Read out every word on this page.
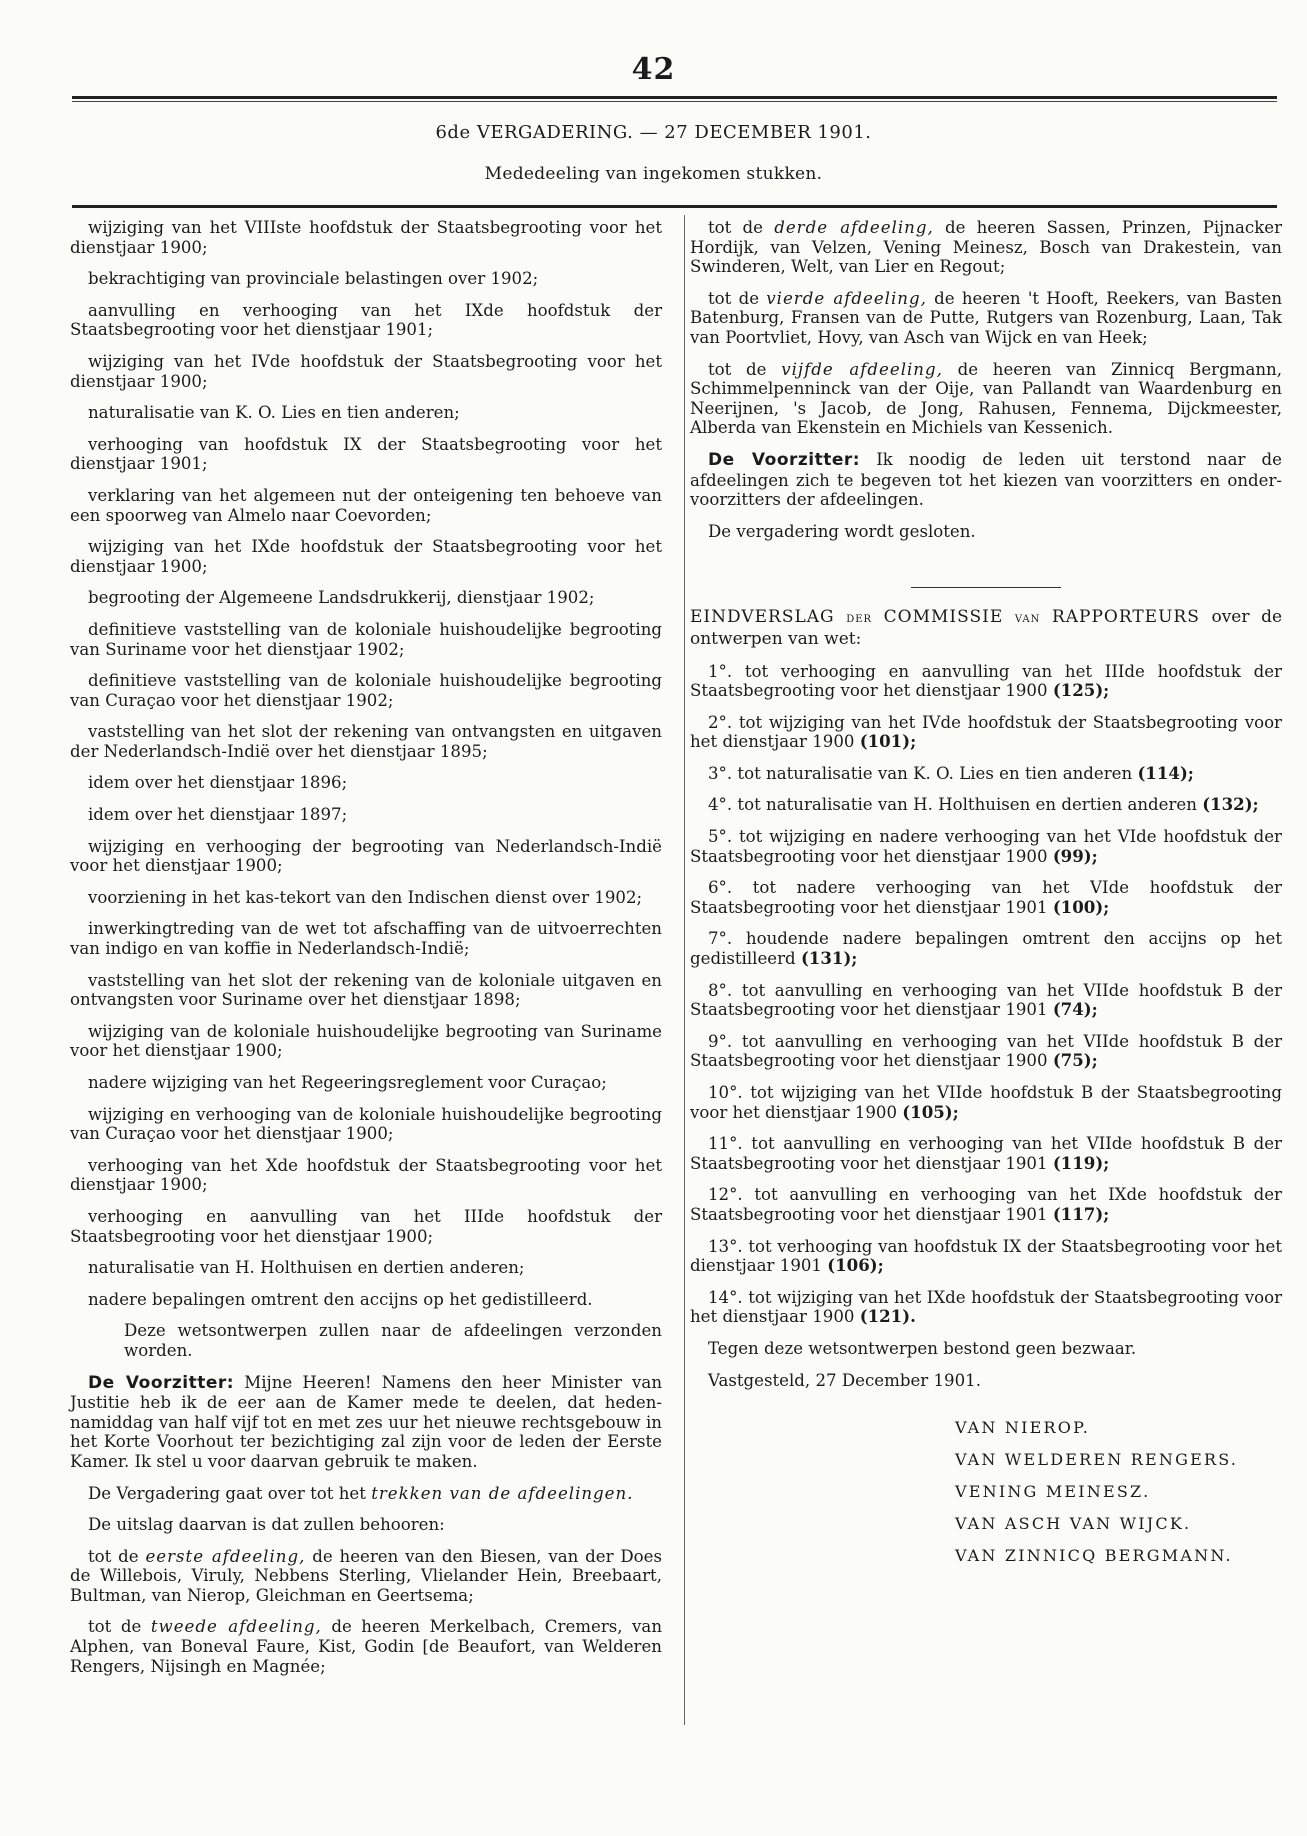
42
6de VERGADERING. — 27 DECEMBER 1901.
Mededeeling van ingekomen stukken.

wijziging van het VIIIste hoofdstuk der Staatsbegrooting voor het dienstjaar 1900;

bekrachtiging van provinciale belastingen over 1902;

aanvulling en verhooging van het IXde hoofdstuk der Staatsbegrooting voor het dienstjaar 1901;

wijziging van het IVde hoofdstuk der Staatsbegrooting voor het dienstjaar 1900;

naturalisatie van K. O. Lies en tien anderen;

verhooging van hoofdstuk IX der Staatsbegrooting voor het dienstjaar 1901;

verklaring van het algemeen nut der onteigening ten behoeve van een spoorweg van Almelo naar Coevorden;

wijziging van het IXde hoofdstuk der Staatsbegrooting voor het dienstjaar 1900;

begrooting der Algemeene Landsdrukkerij, dienstjaar 1902;

definitieve vaststelling van de koloniale huishoudelijke begrooting van Suriname voor het dienstjaar 1902;

definitieve vaststelling van de koloniale huishoudelijke begrooting van Curaçao voor het dienstjaar 1902;

vaststelling van het slot der rekening van ontvangsten en uitgaven der Nederlandsch-Indië over het dienstjaar 1895;

idem over het dienstjaar 1896;

idem over het dienstjaar 1897;

wijziging en verhooging der begrooting van Nederlandsch-Indië voor het dienstjaar 1900;

voorziening in het kas-tekort van den Indischen dienst over 1902;

inwerkingtreding van de wet tot afschaffing van de uitvoerrechten van indigo en van koffie in Nederlandsch-Indië;

vaststelling van het slot der rekening van de koloniale uitgaven en ontvangsten voor Suriname over het dienstjaar 1898;

wijziging van de koloniale huishoudelijke begrooting van Suriname voor het dienstjaar 1900;

nadere wijziging van het Regeeringsreglement voor Curaçao;

wijziging en verhooging van de koloniale huishoudelijke begrooting van Curaçao voor het dienstjaar 1900;

verhooging van het Xde hoofdstuk der Staatsbegrooting voor het dienstjaar 1900;

verhooging en aanvulling van het IIIde hoofdstuk der Staatsbegrooting voor het dienstjaar 1900;

naturalisatie van H. Holthuisen en dertien anderen;

nadere bepalingen omtrent den accijns op het gedistilleerd.

Deze wetsontwerpen zullen naar de afdeelingen verzonden worden.

De Voorzitter: Mijne Heeren! Namens den heer Minister van Justitie heb ik de eer aan de Kamer mede te deelen, dat heden-namiddag van half vijf tot en met zes uur het nieuwe rechtsgebouw in het Korte Voorhout ter bezichtiging zal zijn voor de leden der Eerste Kamer. Ik stel u voor daarvan gebruik te maken.

De Vergadering gaat over tot het trekken van de afdeelingen.

De uitslag daarvan is dat zullen behooren:

tot de eerste afdeeling, de heeren van den Biesen, van der Does de Willebois, Viruly, Nebbens Sterling, Vlielander Hein, Breebaart, Bultman, van Nierop, Gleichman en Geertsema;

tot de tweede afdeeling, de heeren Merkelbach, Cremers, van Alphen, van Boneval Faure, Kist, Godin [de Beaufort, van Welderen Rengers, Nijsingh en Magnée;

tot de derde afdeeling, de heeren Sassen, Prinzen, Pijnacker Hordijk, van Velzen, Vening Meinesz, Bosch van Drakestein, van Swinderen, Welt, van Lier en Regout;

tot de vierde afdeeling, de heeren 't Hooft, Reekers, van Basten Batenburg, Fransen van de Putte, Rutgers van Rozenburg, Laan, Tak van Poortvliet, Hovy, van Asch van Wijck en van Heek;

tot de vijfde afdeeling, de heeren van Zinnicq Bergmann, Schimmelpenninck van der Oije, van Pallandt van Waardenburg en Neerijnen, 's Jacob, de Jong, Rahusen, Fennema, Dijckmeester, Alberda van Ekenstein en Michiels van Kessenich.

De Voorzitter: Ik noodig de leden uit terstond naar de afdeelingen zich te begeven tot het kiezen van voorzitters en onder-voorzitters der afdeelingen.

De vergadering wordt gesloten.

EINDVERSLAG DER COMMISSIE VAN RAPPORTEURS over de ontwerpen van wet:

1°. tot verhooging en aanvulling van het IIIde hoofdstuk der Staatsbegrooting voor het dienstjaar 1900 (125);

2°. tot wijziging van het IVde hoofdstuk der Staatsbegrooting voor het dienstjaar 1900 (101);

3°. tot naturalisatie van K. O. Lies en tien anderen (114);

4°. tot naturalisatie van H. Holthuisen en dertien anderen (132);

5°. tot wijziging en nadere verhooging van het VIde hoofdstuk der Staatsbegrooting voor het dienstjaar 1900 (99);

6°. tot nadere verhooging van het VIde hoofdstuk der Staatsbegrooting voor het dienstjaar 1901 (100);

7°. houdende nadere bepalingen omtrent den accijns op het gedistilleerd (131);

8°. tot aanvulling en verhooging van het VIIde hoofdstuk B der Staatsbegrooting voor het dienstjaar 1901 (74);

9°. tot aanvulling en verhooging van het VIIde hoofdstuk B der Staatsbegrooting voor het dienstjaar 1900 (75);

10°. tot wijziging van het VIIde hoofdstuk B der Staatsbegrooting voor het dienstjaar 1900 (105);

11°. tot aanvulling en verhooging van het VIIde hoofdstuk B der Staatsbegrooting voor het dienstjaar 1901 (119);

12°. tot aanvulling en verhooging van het IXde hoofdstuk der Staatsbegrooting voor het dienstjaar 1901 (117);

13°. tot verhooging van hoofdstuk IX der Staatsbegrooting voor het dienstjaar 1901 (106);

14°. tot wijziging van het IXde hoofdstuk der Staatsbegrooting voor het dienstjaar 1900 (121).

Tegen deze wetsontwerpen bestond geen bezwaar.

Vastgesteld, 27 December 1901.

VAN NIEROP.
VAN WELDEREN RENGERS.
VENING MEINESZ.
VAN ASCH VAN WIJCK.
VAN ZINNICQ BERGMANN.
